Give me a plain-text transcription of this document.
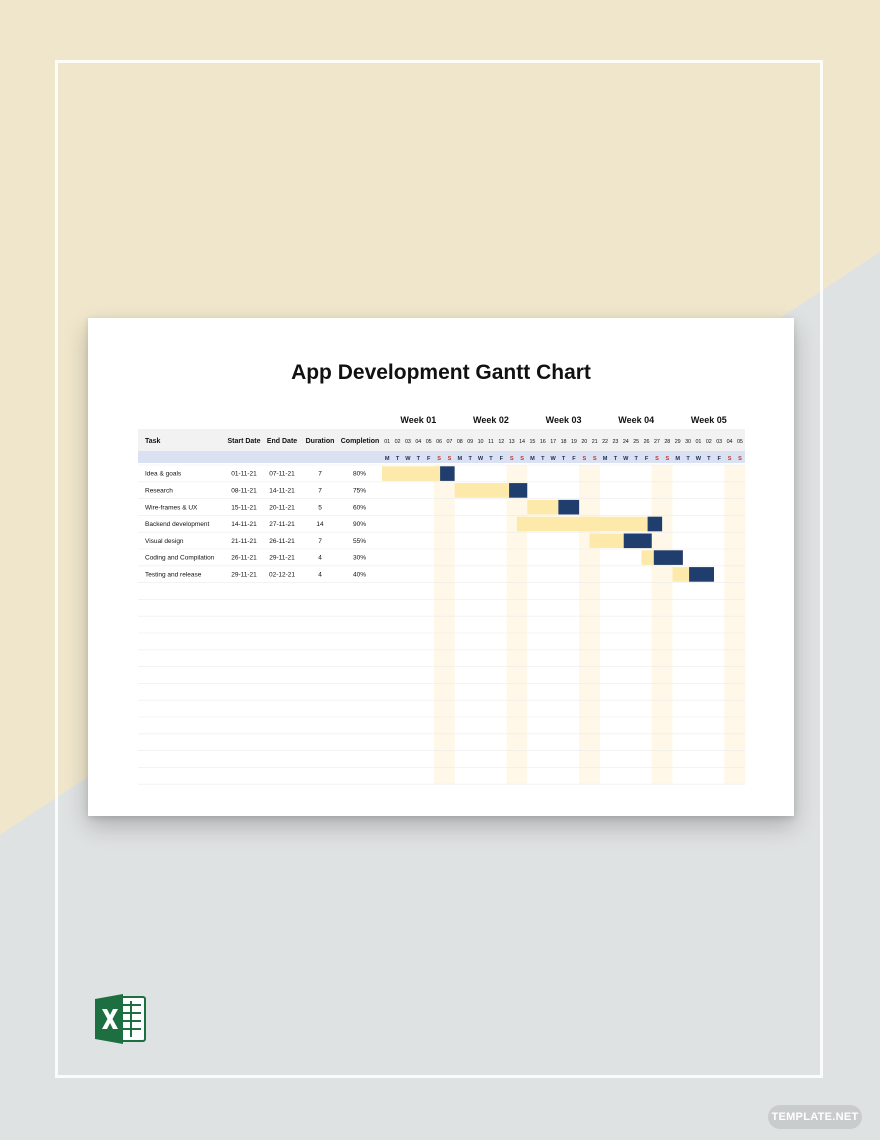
Week 01	Week 02	Week 03	Week 04	Week 05
Task	Start Date End Date Duration Completion 01 02 03 04 05 06 07 08 09 10 11 12 13 14 15 16 17 18 19 20 21 22 23 24 25 26 27 28 29 30 01 02 03 04 05
M T W T F S S M T W T F S S M T W T F S S M T W T F S S M T W T F S S
Idea & goals	01-11-21 07-11-21	7	80%
Research	08-11-21 14-11-21	7	75%
Wire-frames & UX	15-11-21 20-11-21	5	60%
Backend development	14-11-21 27-11-21	14	90%
Visual design	21-11-21 26-11-21	7	55%
Coding and Compilation	26-11-21 29-11-21	4	30%
Testing and release	29-11-21 02-12-21	4	40%
App Development Gantt Chart
TEMPLATE.NET
